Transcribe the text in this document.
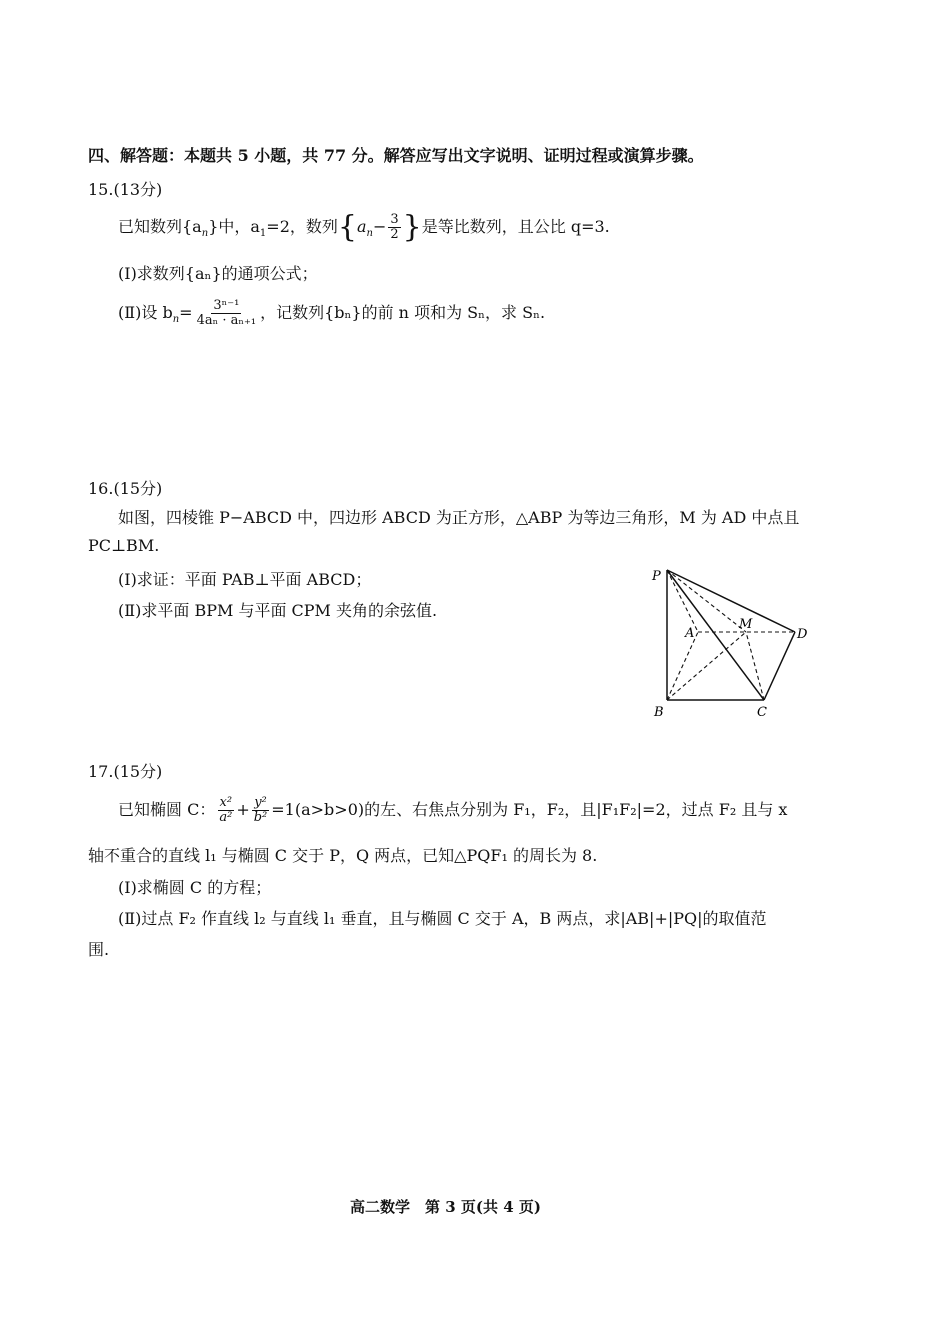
四、解答题：本题共 5 小题，共 77 分。解答应写出文字说明、证明过程或演算步骤。
15.(13分)
已知数列$\{a_n\}$中，$a_1=2$，数列{$a_n- \frac{3}{2}$ }是等比数列，且公比 q=3.
(Ⅰ)求数列{aₙ}的通项公式；
(Ⅱ)设 $b_n= \frac{\text{3ⁿ⁻¹}}{\text{4aₙ · aₙ₊₁}}$ ，记数列{bₙ}的前 n 项和为 Sₙ，求 Sₙ.
16.(15分)
如图，四棱锥 P−ABCD 中，四边形 ABCD 为正方形，△ABP 为等边三角形，M 为 AD 中点且
PC⊥BM.
(Ⅰ)求证：平面 PAB⊥平面 ABCD；
(Ⅱ)求平面 BPM 与平面 CPM 夹角的余弦值.
P
A
M
D
B	C
17.(15分)
已知椭圆 C： $\frac{\text{x²}}{\text{a²}} + \frac{\text{y²}}{\text{b²}} =1(a>b>0)$的左、右焦点分别为 F₁，F₂，且|F₁F₂|=2，过点 F₂ 且与 x
轴不重合的直线 l₁ 与椭圆 C 交于 P，Q 两点，已知△PQF₁ 的周长为 8.
(Ⅰ)求椭圆 C 的方程；
(Ⅱ)过点 F₂ 作直线 l₂ 与直线 l₁ 垂直，且与椭圆 C 交于 A，B 两点，求|AB|+|PQ|的取值范
围.
高二数学　第 3 页(共 4 页)
